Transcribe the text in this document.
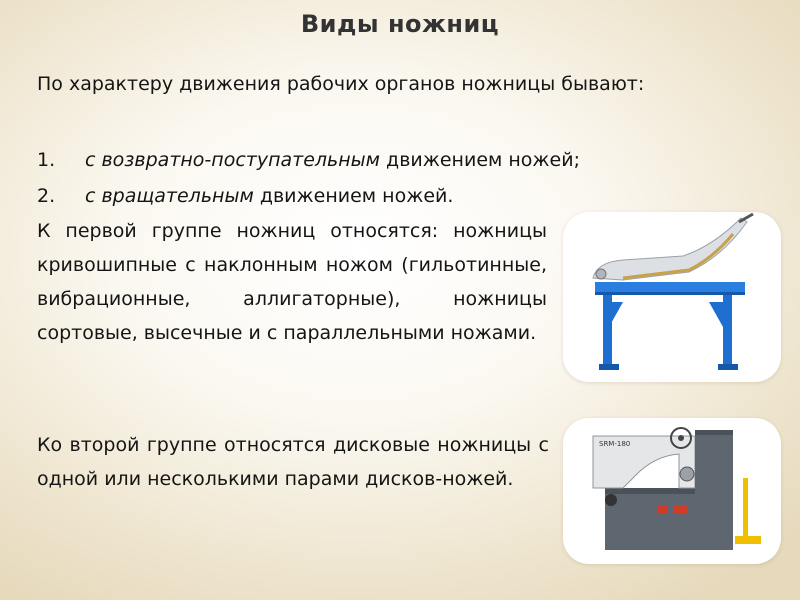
Виды ножниц

По характеру движения рабочих органов ножницы бывают:

1. с возвратно-поступательным движением ножей;
2. с вращательным движением ножей.

К первой группе ножниц относятся: ножницы кривошипные с наклонным ножом (гильотинные, вибрационные, аллигаторные), ножницы сортовые, высечные и с параллельными ножами.

Ко второй группе относятся дисковые ножницы с одной или несколькими парами дисков-ножей.

SRM-180
